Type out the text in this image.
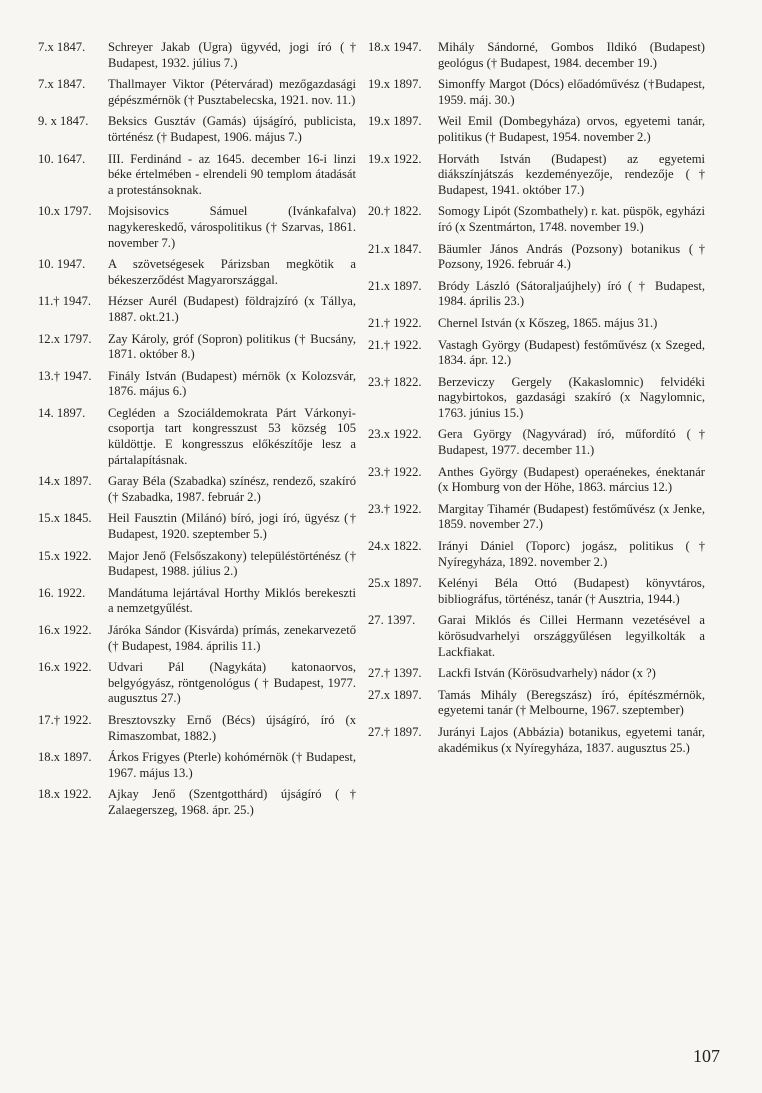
7.x 1847.	Schreyer Jakab (Ugra) ügyvéd, jogi író († Budapest, 1932. július 7.)
7.x 1847.	Thallmayer Viktor (Pétervárad) mezőgazdasági gépészmérnök († Pusztabelecska, 1921. nov. 11.)
9. x 1847.	Beksics Gusztáv (Gamás) újságíró, publicista, történész († Budapest, 1906. május 7.)
10. 1647.	III. Ferdinánd - az 1645. december 16-i linzi béke értelmében - elrendeli 90 templom átadását a protestánsoknak.
10.x 1797.	Mojsisovics Sámuel (Ivánkafalva) nagykereskedő, várospolitikus († Szarvas, 1861. november 7.)
10. 1947.	A szövetségesek Párizsban megkötik a békeszerződést Magyarországgal.
11.† 1947.	Hézser Aurél (Budapest) földrajzíró (x Tállya, 1887. okt.21.)
12.x 1797.	Zay Károly, gróf (Sopron) politikus († Bucsány, 1871. október 8.)
13.† 1947.	Finály István (Budapest) mérnök (x Kolozsvár, 1876. május 6.)
14. 1897.	Cegléden a Szociáldemokrata Párt Várkonyi-csoportja tart kongresszust 53 község 105 küldöttje. E kongresszus előkészítője lesz a pártalapításnak.
14.x 1897.	Garay Béla (Szabadka) színész, rendező, szakíró († Szabadka, 1987. február 2.)
15.x 1845.	Heil Fausztin (Milánó) bíró, jogi író, ügyész († Budapest, 1920. szeptember 5.)
15.x 1922.	Major Jenő (Felsőszakony) településtörténész († Budapest, 1988. július 2.)
16. 1922.	Mandátuma lejártával Horthy Miklós berekeszti a nemzetgyűlést.
16.x 1922.	Járóka Sándor (Kisvárda) prímás, zenekarvezető († Budapest, 1984. április 11.)
16.x 1922.	Udvari Pál (Nagykáta) katonaorvos, belgyógyász, röntgenológus ( † Budapest, 1977. augusztus 27.)
17.† 1922.	Bresztovszky Ernő (Bécs) újságíró, író (x Rimaszombat, 1882.)
18.x 1897.	Árkos Frigyes (Pterle) kohómérnök († Budapest, 1967. május 13.)
18.x 1922.	Ajkay Jenő (Szentgotthárd) újságíró († Zalaegerszeg, 1968. ápr. 25.)
18.x 1947.	Mihály Sándorné, Gombos Ildikó (Budapest) geológus († Budapest, 1984. december 19.)
19.x 1897.	Simonffy Margot (Dócs) előadóművész (†Budapest, 1959. máj. 30.)
19.x 1897.	Weil Emil (Dombegyháza) orvos, egyetemi tanár, politikus († Budapest, 1954. november 2.)
19.x 1922.	Horváth István (Budapest) az egyetemi diákszínjátszás kezdeményezője, rendezője († Budapest, 1941. október 17.)
20.† 1822.	Somogy Lipót (Szombathely) r. kat. püspök, egyházi író (x Szentmárton, 1748. november 19.)
21.x 1847.	Bäumler János András (Pozsony) botanikus († Pozsony, 1926. február 4.)
21.x 1897.	Bródy László (Sátoraljaújhely) író ( † Budapest, 1984. április 23.)
21.† 1922.	Chernel István (x Kőszeg, 1865. május 31.)
21.† 1922.	Vastagh György (Budapest) festőművész (x Szeged, 1834. ápr. 12.)
23.† 1822.	Berzeviczy Gergely (Kakaslomnic) felvidéki nagybirtokos, gazdasági szakíró (x Nagylomnic, 1763. június 15.)
23.x 1922.	Gera György (Nagyvárad) író, műfordító († Budapest, 1977. december 11.)
23.† 1922.	Anthes György (Budapest) operaénekes, énektanár (x Homburg von der Höhe, 1863. március 12.)
23.† 1922.	Margitay Tihamér (Budapest) festőművész (x Jenke, 1859. november 27.)
24.x 1822.	Irányi Dániel (Toporc) jogász, politikus († Nyíregyháza, 1892. november 2.)
25.x 1897.	Kelényi Béla Ottó (Budapest) könyvtáros, bibliográfus, történész, tanár († Ausztria, 1944.)
27. 1397.	Garai Miklós és Cillei Hermann vezetésével a körösudvarhelyi országgyűlésen legyilkolták a Lackfiakat.
27.† 1397.	Lackfi István (Körösudvarhely) nádor (x ?)
27.x 1897.	Tamás Mihály (Beregszász) író, építészmérnök, egyetemi tanár († Melbourne, 1967. szeptember)
27.† 1897.	Jurányi Lajos (Abbázia) botanikus, egyetemi tanár, akadémikus (x Nyíregyháza, 1837. augusztus 25.)
107
